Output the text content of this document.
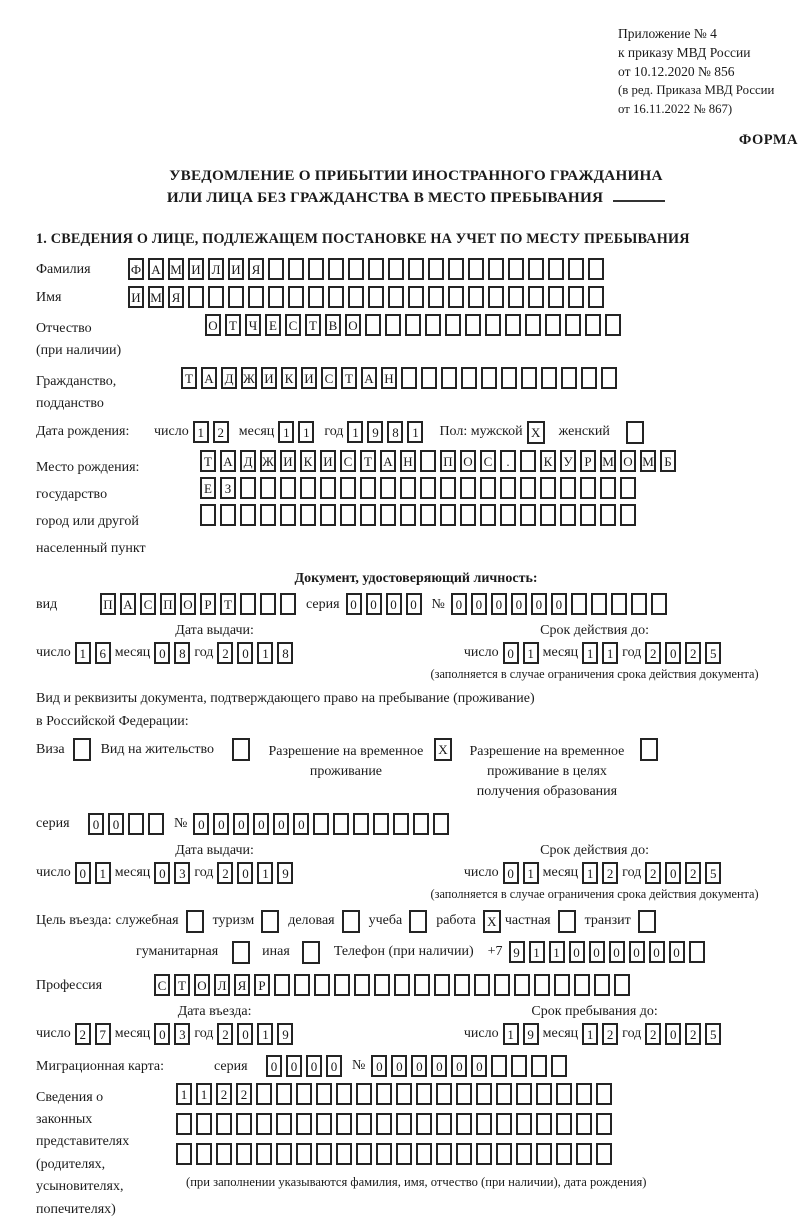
Приложение № 4
к приказу МВД России
от 10.12.2020 № 856
(в ред. Приказа МВД России
от 16.11.2022 № 867)
ФОРМА
УВЕДОМЛЕНИЕ О ПРИБЫТИИ ИНОСТРАННОГО ГРАЖДАНИНА
ИЛИ ЛИЦА БЕЗ ГРАЖДАНСТВА В МЕСТО ПРЕБЫВАНИЯ
1. СВЕДЕНИЯ О ЛИЦЕ, ПОДЛЕЖАЩЕМ ПОСТАНОВКЕ НА УЧЕТ ПО МЕСТУ ПРЕБЫВАНИЯ
Фамилия	Ф А М И Л И Я
Имя	И М Я
Отчество
(при наличии)
О Т Ч Е С Т В О
Гражданство,
подданство
Т А Д Ж И К И С Т А Н
Дата рождения:	число 1	2	месяц 1	1	год 1	9	8	1	Пол: мужской X	женский
Место рождения:
государство
город или другой
населенный пункт
Т А Д Ж И К И С Т А Н П О С	.	К У Р М О М Б
Е З
Документ, удостоверяющий личность:
вид	П А С П О Р Т	серия 0	0	0	0	№ 0	0	0	0	0	0
Дата выдачи:
число 1	6 месяц 0	8 год 2	0	1	8
Срок действия до:
число 0	1 месяц 1	1 год 2	0	2	5
(заполняется в случае ограничения срока действия документа)
Вид и реквизиты документа, подтверждающего право на пребывание (проживание)
в Российской Федерации:
Виза	Вид на жительство	Разрешение на временное проживание
X	Разрешение на временное проживание в целях получения образования
серия	0	0	№ 0	0	0	0	0	0
Дата выдачи:
число 0	1 месяц 0	3 год 2	0	1	9
Срок действия до:
число 0	1 месяц 1	2 год 2	0	2	5
(заполняется в случае ограничения срока действия документа)
Цель въезда: служебная туризм деловая учеба работа X частная транзит
гуманитарная	иная	Телефон (при наличии) +7 9	1	1	0	0	0	0	0	0
Профессия	С Т О Л Я Р
Дата въезда:
число 2	7 месяц 0	3 год 2	0	1	9
Срок пребывания до:
число 1	9 месяц 1	2 год 2	0	2	5
Миграционная карта:	серия	0	0	0	0	№ 0	0	0	0	0	0
Сведения о
законных
представителях
(родителях,
усыновителях,
попечителях)
1	1	2	2
(при заполнении указываются фамилия, имя, отчество (при наличии), дата рождения)
